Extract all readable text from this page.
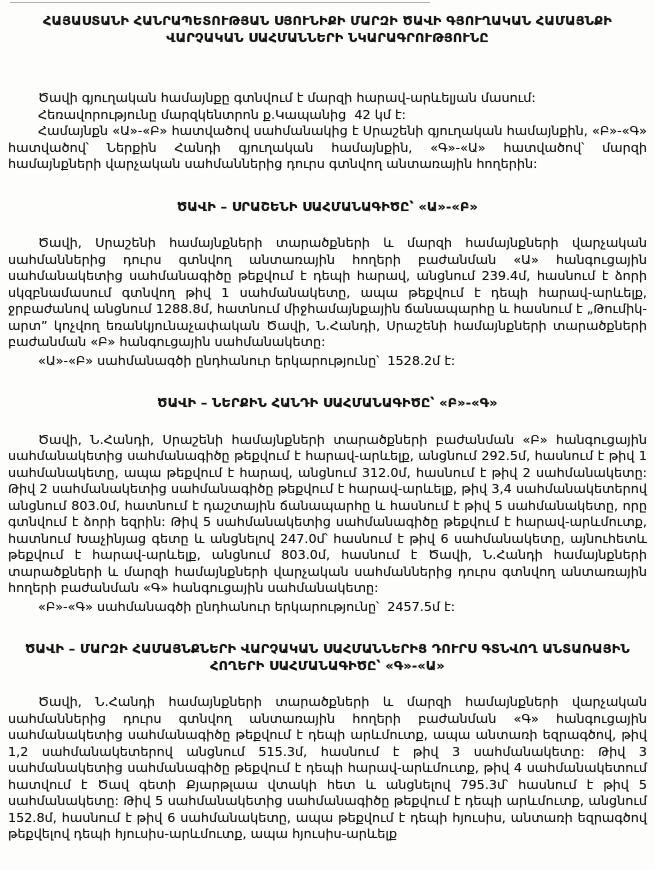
ՀԱՅԱՍՏԱՆԻ ՀԱՆՐԱՊԵՏՈՒԹՅԱՆ ՍՅՈՒՆԻՔԻ ՄԱՐԶԻ ԾԱՎԻ ԳՅՈՒՂԱԿԱՆ ՀԱՄԱՅՆՔԻ
ՎԱՐՉԱԿԱՆ ՍԱՀՄԱՆՆԵՐԻ ՆԿԱՐԱԳՐՈՒԹՅՈՒՆԸ

Ծավի գյուղական համայնքը գտնվում է մարզի հարավ-արևելյան մասում:

Հեռավորությունը մարզկենտրոն ք.Կապանից  42 կմ է:

Համայնքն «Ա»-«Բ» հատվածով սահմանակից է Սրաշենի գյուղական համայնքին, «Բ»-«Գ» հատվածով՝ Ներքին Հանդի գյուղական համայնքին, «Գ»-«Ա» հատվածով՝ մարզի համայնքների վարչական սահմաններից դուրս գտնվող անտառային հողերին:

ԾԱՎԻ – ՍՐԱՇԵՆԻ ՍԱՀՄԱՆԱԳԻԾԸ՝ «Ա»-«Բ»

Ծավի, Սրաշենի համայնքների տարածքների և մարզի համայնքների վարչական սահմաններից դուրս գտնվող անտառային հողերի բաժանման «Ա» հանգուցային սահմանակետից սահմանագիծը թեքվում է դեպի հարավ, անցնում 239.4մ, հասնում է ձորի սկզբնամասում գտնվող թիվ 1 սահմանակետը, ապա թեքվում է դեպի հարավ-արևելք, ջրբաժանով անցնում 1288.8մ, հատնում միջհամայնքային ճանապարհը և հասնում է „Թումիկ-արտ” կոչվող եռանկյունաչափական Ծավի, Ն.Հանդի, Սրաշենի համայնքների տարածքների բաժանման «Բ» հանգուցային սահմանակետը:

«Ա»-«Բ» սահմանագծի ընդհանուր երկարությունը՝  1528.2մ է:

ԾԱՎԻ – ՆԵՐՔԻՆ ՀԱՆԴԻ ՍԱՀՄԱՆԱԳԻԾԸ՝ «Բ»-«Գ»

Ծավի, Ն.Հանդի, Սրաշենի համայնքների տարածքների բաժանման «Բ» հանգուցային սահմանակետից սահմանագիծը թեքվում է հարավ-արևելք, անցնում 292.5մ, հասնում է թիվ 1 սահմանակետը, ապա թեքվում է հարավ, անցնում 312.0մ, հասնում է թիվ 2 սահմանակետը: Թիվ 2 սահմանակետից սահմանագիծը թեքվում է հարավ-արևելք, թիվ 3,4 սահմանակետերով անցնում 803.0մ, հատնում է դաշտային ճանապարհը և հասնում է թիվ 5 սահմանակետը, որը գտնվում է ձորի եզրին: Թիվ 5 սահմանակետից սահմանագիծը թեքվում է հարավ-արևմուտք, հատնում Խաչինյաց գետը և անցնելով 247.0մ՝ հասնում է թիվ 6 սահմանակետը, այնուհետև թեքվում է հարավ-արևելք, անցնում 803.0մ, հասնում է Ծավի, Ն.Հանդի համայնքների տարածքների և մարզի համայնքների վարչական սահմաններից դուրս գտնվող անտառային հողերի բաժանման «Գ» հանգուցային սահմանակետը:

«Բ»-«Գ» սահմանագծի ընդհանուր երկարությունը՝  2457.5մ է:

ԾԱՎԻ – ՄԱՐԶԻ ՀԱՄԱՅՆՔՆԵՐԻ ՎԱՐՉԱԿԱՆ ՍԱՀՄԱՆՆԵՐԻՑ ԴՈՒՐՍ ԳՏՆՎՈՂ ԱՆՏԱՌԱՅԻՆ ՀՈՂԵՐԻ ՍԱՀՄԱՆԱԳԻԾԸ՝ «Գ»-«Ա»

Ծավի, Ն.Հանդի համայնքների տարածքների և մարզի համայնքների վարչական սահմաններից դուրս գտնվող անտառային հողերի բաժանման «Գ» հանգուցային սահմանակետից սահմանագիծը թեքվում է դեպի արևմուտք, ապա անտառի եզրագծով, թիվ 1,2 սահմանակետերով անցնում 515.3մ, հասնում է թիվ 3 սահմանակետը: Թիվ 3 սահմանակետից սահմանագիծը թեքվում է դեպի հարավ-արևմուտք, թիվ 4 սահմանակետում հատվում է Ծավ գետի Քյարթլաա վտակի հետ և անցնելով 795.3մ՝ հասնում է թիվ 5 սահմանակետը: Թիվ 5 սահմանակետից սահմանագիծը թեքվում է դեպի արևմուտք, անցնում 152.8մ, հասնում է թիվ 6 սահմանակետը, ապա թեքվում է դեպի հյուսիս, անտառի եզրագծով թեքվելով դեպի հյուսիս-արևմուտք, ապա հյուսիս-արևելք
